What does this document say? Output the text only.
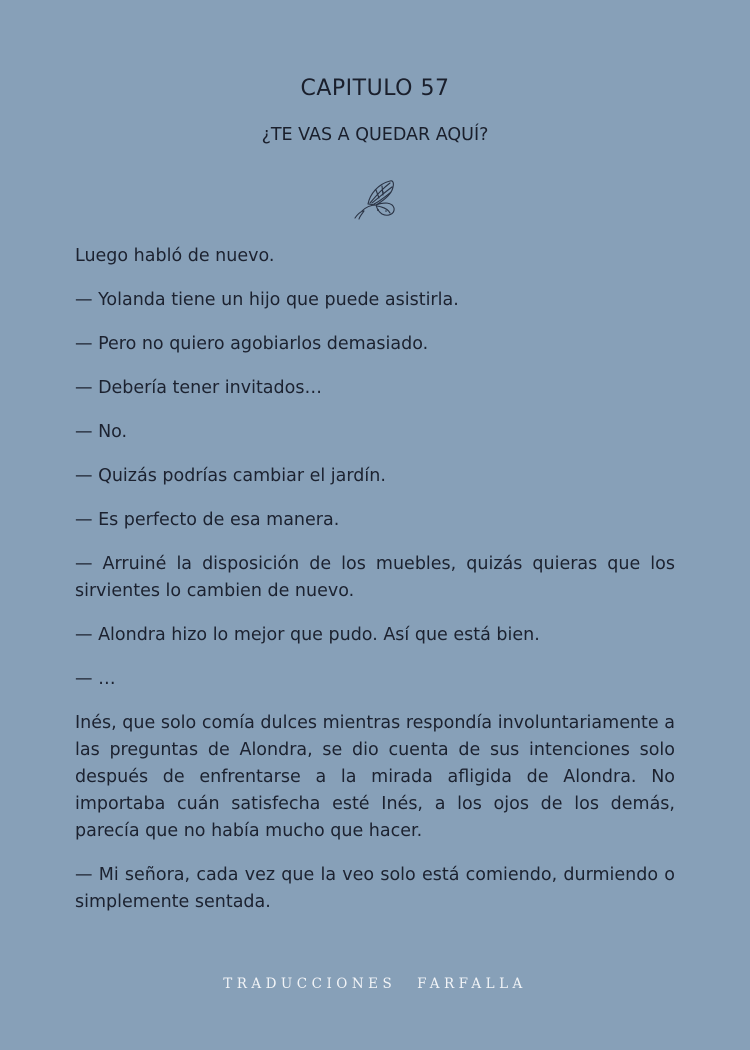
CAPITULO 57
¿TE VAS A QUEDAR AQUÍ?

Luego habló de nuevo.

— Yolanda tiene un hijo que puede asistirla.

— Pero no quiero agobiarlos demasiado.

— Debería tener invitados…

— No.

— Quizás podrías cambiar el jardín.

— Es perfecto de esa manera.

— Arruiné la disposición de los muebles, quizás quieras que los sirvientes lo cambien de nuevo.

— Alondra hizo lo mejor que pudo. Así que está bien.

— …

Inés, que solo comía dulces mientras respondía involuntariamente a las preguntas de Alondra, se dio cuenta de sus intenciones solo después de enfrentarse a la mirada afligida de Alondra. No importaba cuán satisfecha esté Inés, a los ojos de los demás, parecía que no había mucho que hacer.

— Mi señora, cada vez que la veo solo está comiendo, durmiendo o simplemente sentada.

TRADUCCIONES FARFALLA
